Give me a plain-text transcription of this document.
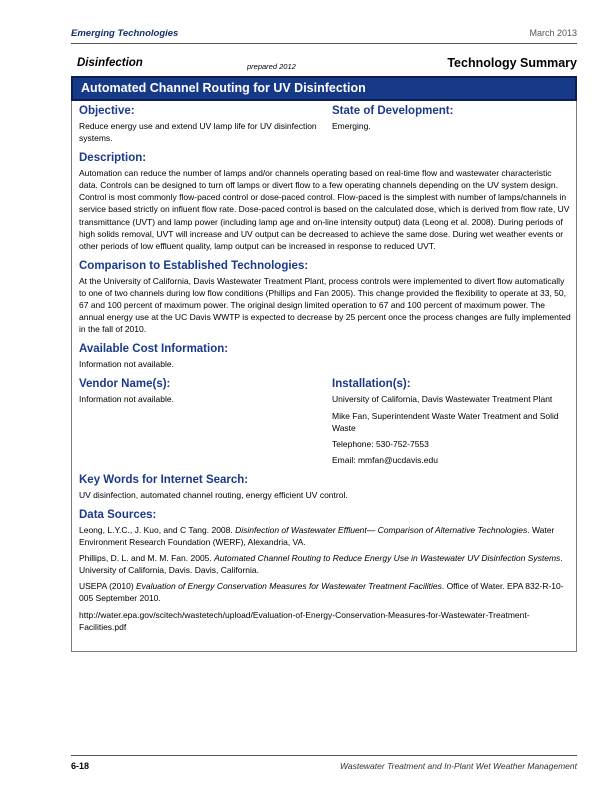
Emerging Technologies	March 2013
Disinfection	prepared 2012	Technology Summary
Automated Channel Routing for UV Disinfection
Objective:
Reduce energy use and extend UV lamp life for UV disinfection systems.
State of Development:
Emerging.
Description:
Automation can reduce the number of lamps and/or channels operating based on real-time flow and wastewater characteristic data. Controls can be designed to turn off lamps or divert flow to a few operating channels depending on the UV system design. Control is most commonly flow-paced control or dose-paced control. Flow-paced is the simplest with number of lamps/channels in service based strictly on influent flow rate. Dose-paced control is based on the calculated dose, which is derived from flow rate, UV transmittance (UVT) and lamp power (including lamp age and on-line intensity output) data (Leong et al. 2008). During periods of high solids removal, UVT will increase and UV output can be decreased to achieve the same dose. During wet weather events or other periods of low effluent quality, lamp output can be increased in response to reduced UVT.
Comparison to Established Technologies:
At the University of California, Davis Wastewater Treatment Plant, process controls were implemented to divert flow automatically to one of two channels during low flow conditions (Phillips and Fan 2005). This change provided the flexibility to operate at 33, 50, 67 and 100 percent of maximum power. The original design limited operation to 67 and 100 percent of maximum power. The annual energy use at the UC Davis WWTP is expected to decrease by 25 percent once the process changes are fully implemented in the fall of 2010.
Available Cost Information:
Information not available.
Vendor Name(s):
Information not available.
Installation(s):
University of California, Davis Wastewater Treatment Plant
Mike Fan, Superintendent Waste Water Treatment and Solid Waste
Telephone: 530-752-7553
Email: mmfan@ucdavis.edu
Key Words for Internet Search:
UV disinfection, automated channel routing, energy efficient UV control.
Data Sources:
Leong, L.Y.C., J. Kuo, and C Tang. 2008. Disinfection of Wastewater Effluent— Comparison of Alternative Technologies. Water Environment Research Foundation (WERF), Alexandria, VA.
Phillips, D. L. and M. M. Fan. 2005. Automated Channel Routing to Reduce Energy Use in Wastewater UV Disinfection Systems. University of California, Davis. Davis, California.
USEPA (2010) Evaluation of Energy Conservation Measures for Wastewater Treatment Facilities. Office of Water. EPA 832-R-10- 005 September 2010.
http://water.epa.gov/scitech/wastetech/upload/Evaluation-of-Energy-Conservation-Measures-for-Wastewater-Treatment-Facilities.pdf
6-18	Wastewater Treatment and In-Plant Wet Weather Management
